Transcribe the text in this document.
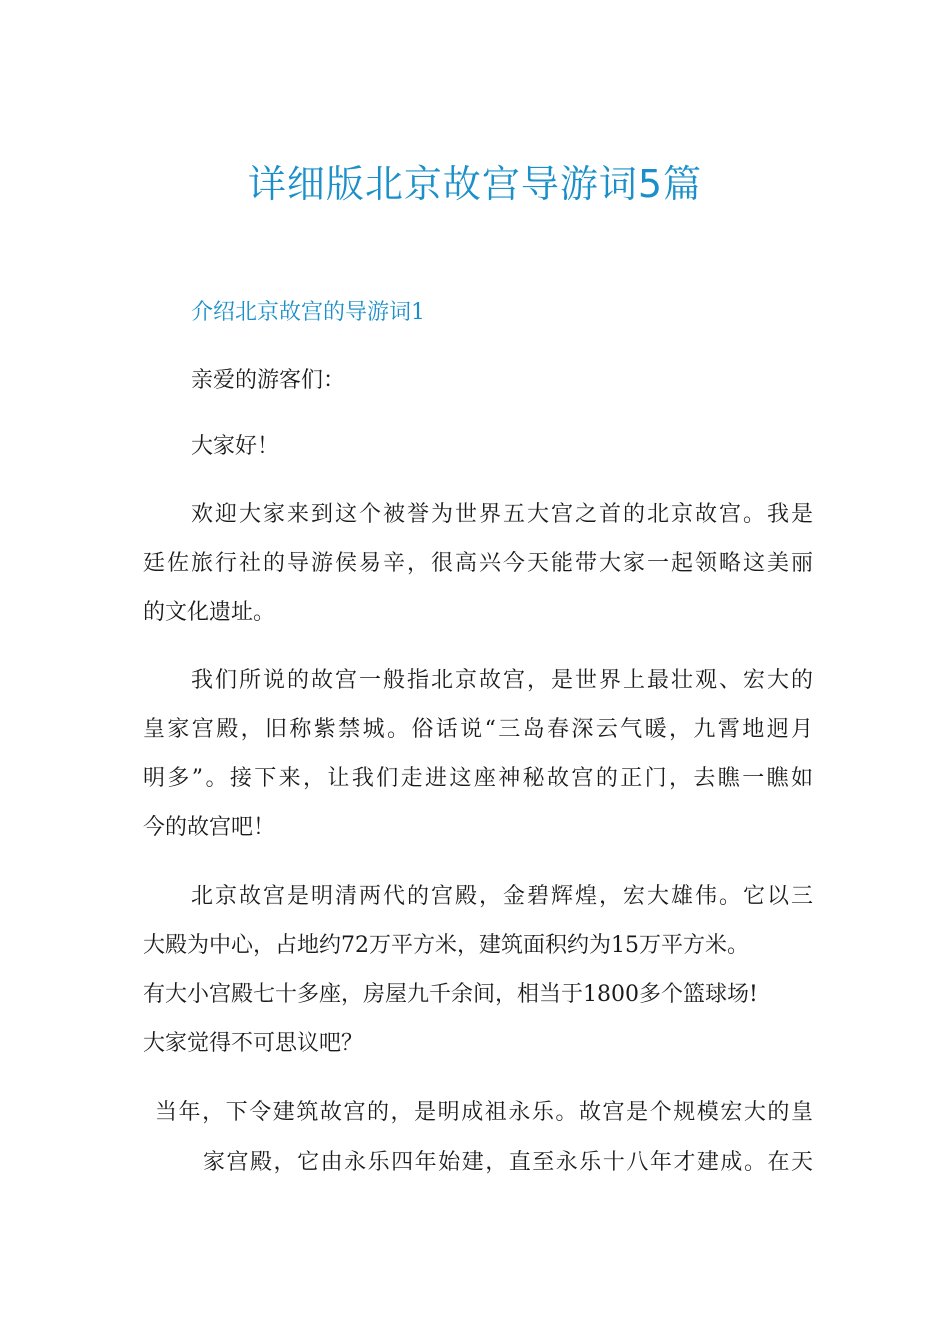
详细版北京故宫导游词5篇
介绍北京故宫的导游词1

亲爱的游客们：

大家好！

欢迎大家来到这个被誉为世界五大宫之首的北京故宫。我是

廷佐旅行社的导游侯易辛，很高兴今天能带大家一起领略这美丽

的文化遗址。

我们所说的故宫一般指北京故宫，是世界上最壮观、宏大的

皇家宫殿，旧称紫禁城。俗话说“三岛春深云气暖，九霄地迥月

明多”。接下来，让我们走进这座神秘故宫的正门，去瞧一瞧如

今的故宫吧！

北京故宫是明清两代的宫殿，金碧辉煌，宏大雄伟。它以三

大殿为中心，占地约72万平方米，建筑面积约为15万平方米。

有大小宫殿七十多座，房屋九千余间，相当于1800多个篮球场!

大家觉得不可思议吧？

当年，下令建筑故宫的，是明成祖永乐。故宫是个规模宏大的皇

家宫殿，它由永乐四年始建，直至永乐十八年才建成。在天
